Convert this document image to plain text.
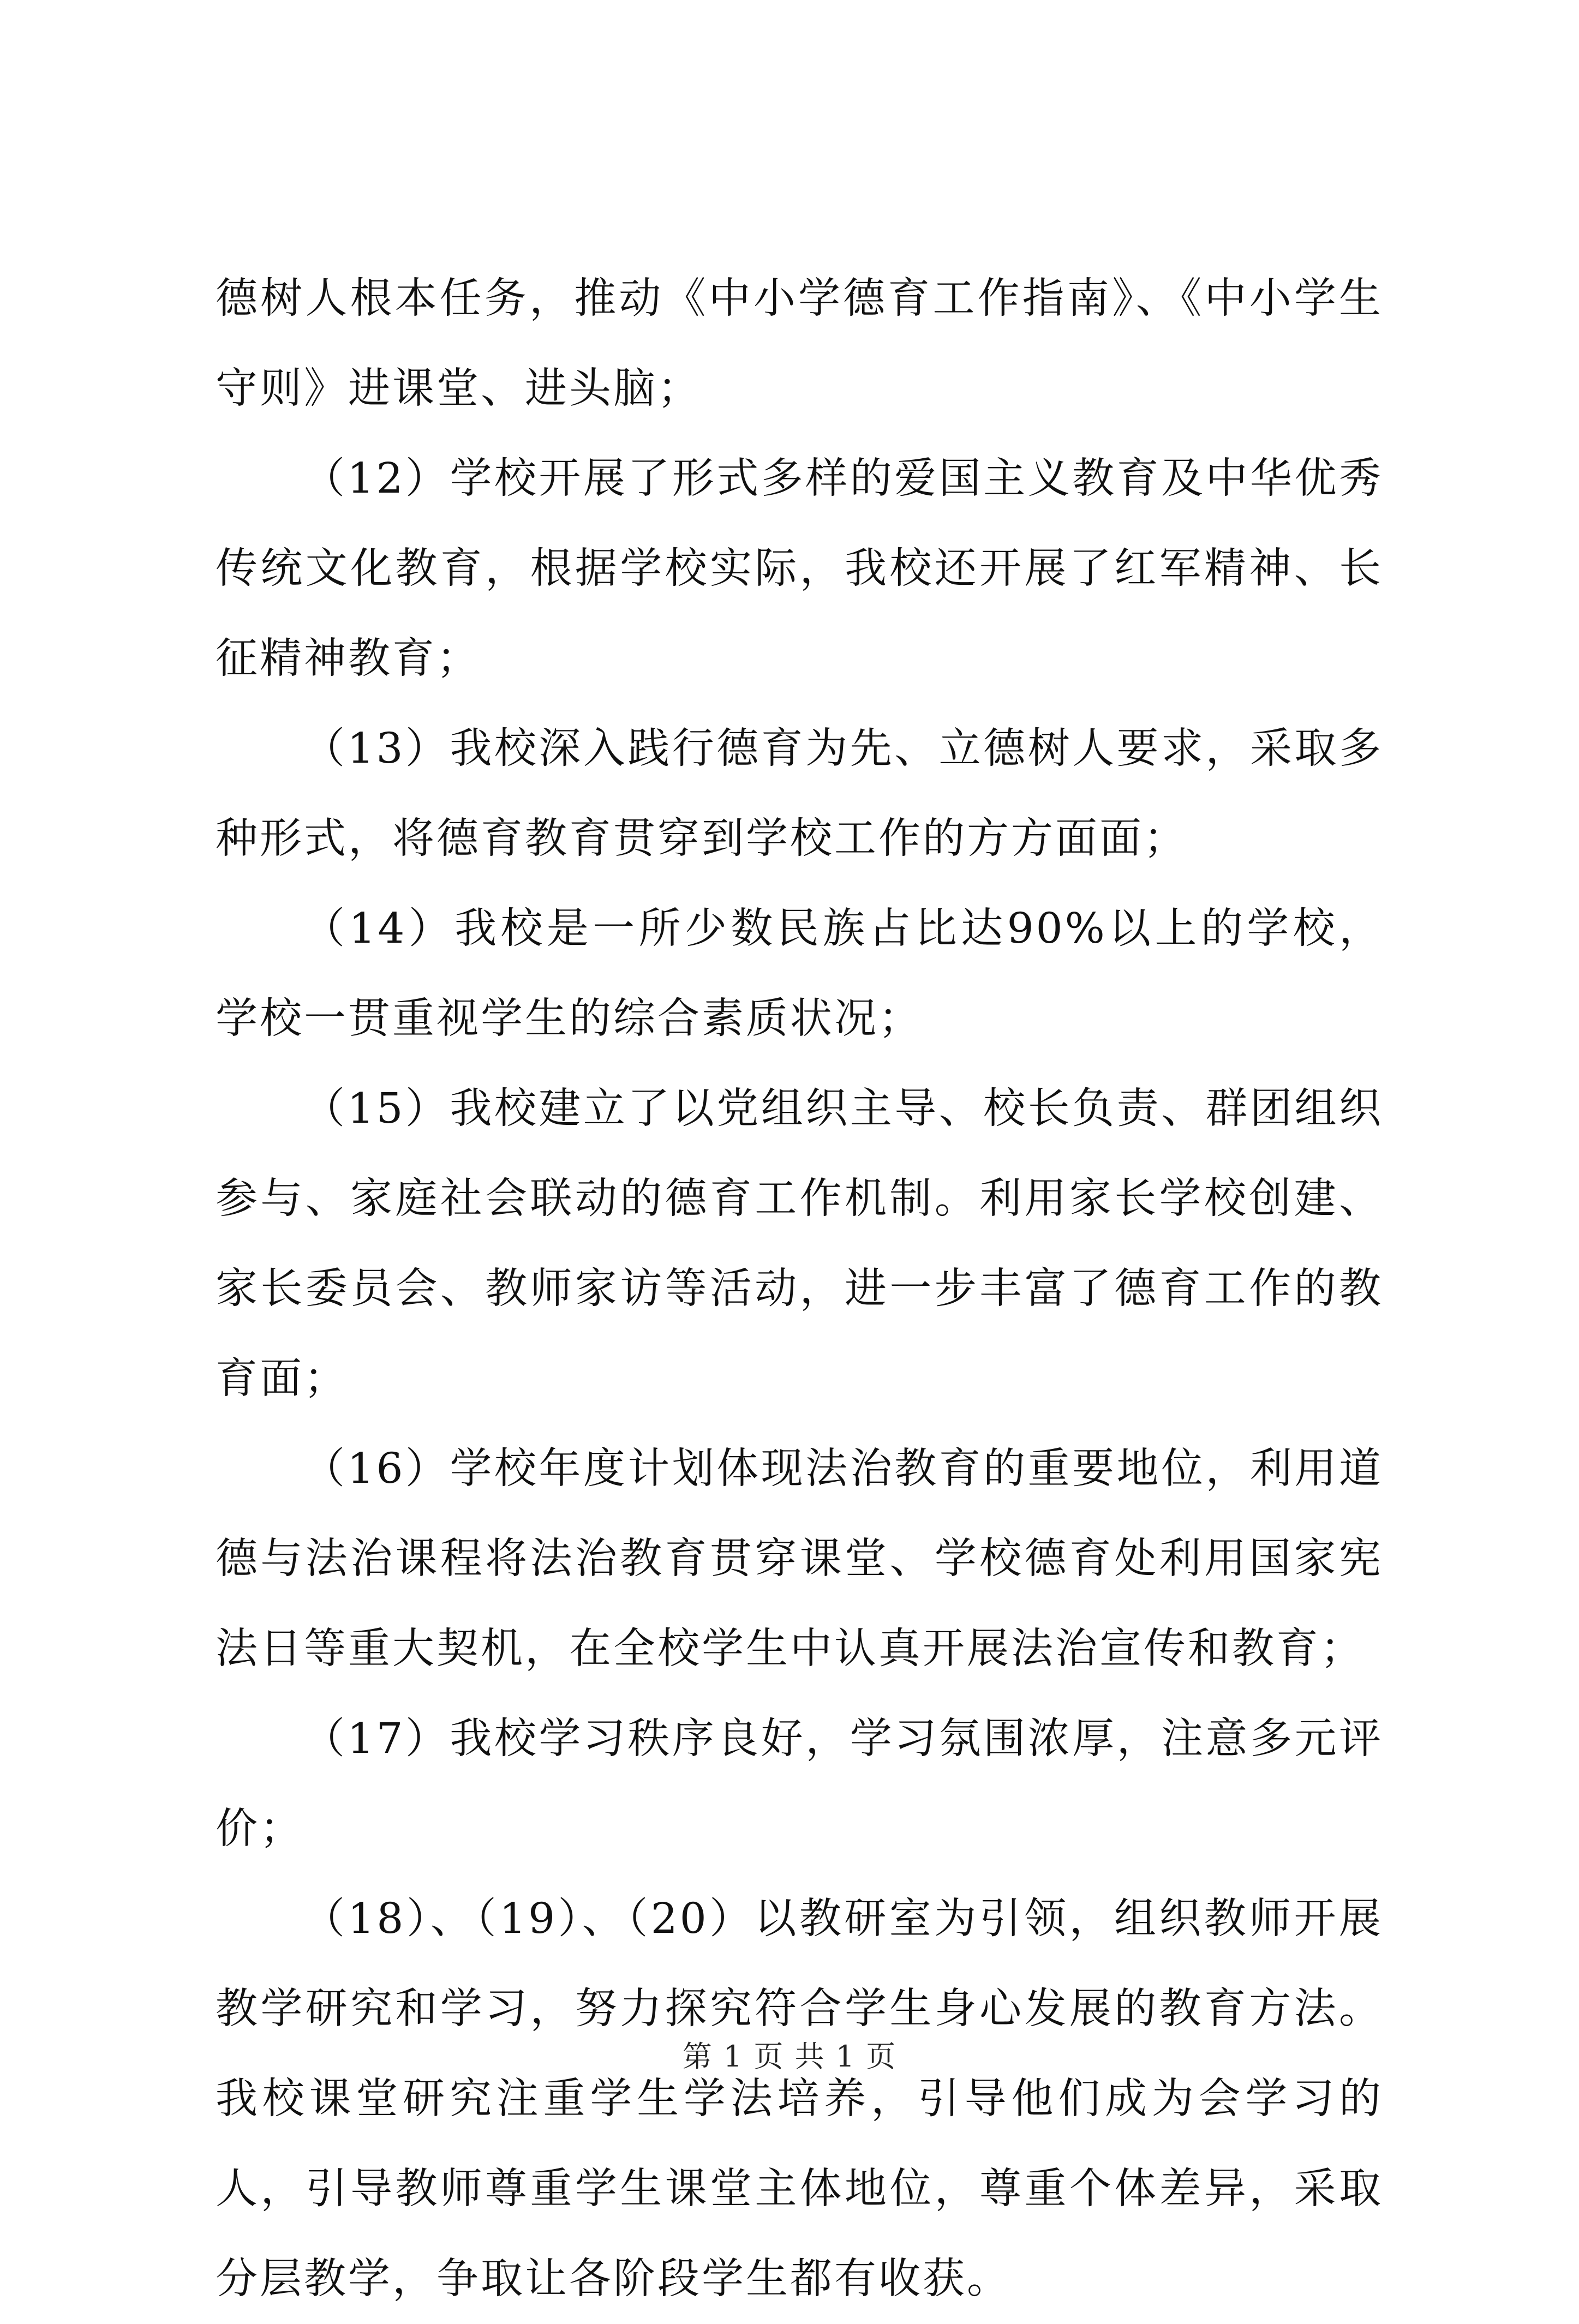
德树人根本任务，推动《中小学德育工作指南》、《中小学生守则》进课堂、进头脑；

（12）学校开展了形式多样的爱国主义教育及中华优秀传统文化教育，根据学校实际，我校还开展了红军精神、长征精神教育；

（13）我校深入践行德育为先、立德树人要求，采取多种形式，将德育教育贯穿到学校工作的方方面面；

（14）我校是一所少数民族占比达90%以上的学校，学校一贯重视学生的综合素质状况；

（15）我校建立了以党组织主导、校长负责、群团组织参与、家庭社会联动的德育工作机制。利用家长学校创建、家长委员会、教师家访等活动，进一步丰富了德育工作的教育面；

（16）学校年度计划体现法治教育的重要地位，利用道德与法治课程将法治教育贯穿课堂、学校德育处利用国家宪法日等重大契机，在全校学生中认真开展法治宣传和教育；

（17）我校学习秩序良好，学习氛围浓厚，注意多元评价；

（18）、（19）、（20）以教研室为引领，组织教师开展教学研究和学习，努力探究符合学生身心发展的教育方法。我校课堂研究注重学生学法培养，引导他们成为会学习的人，引导教师尊重学生课堂主体地位，尊重个体差异，采取分层教学，争取让各阶段学生都有收获。

第 1 页 共 1 页
